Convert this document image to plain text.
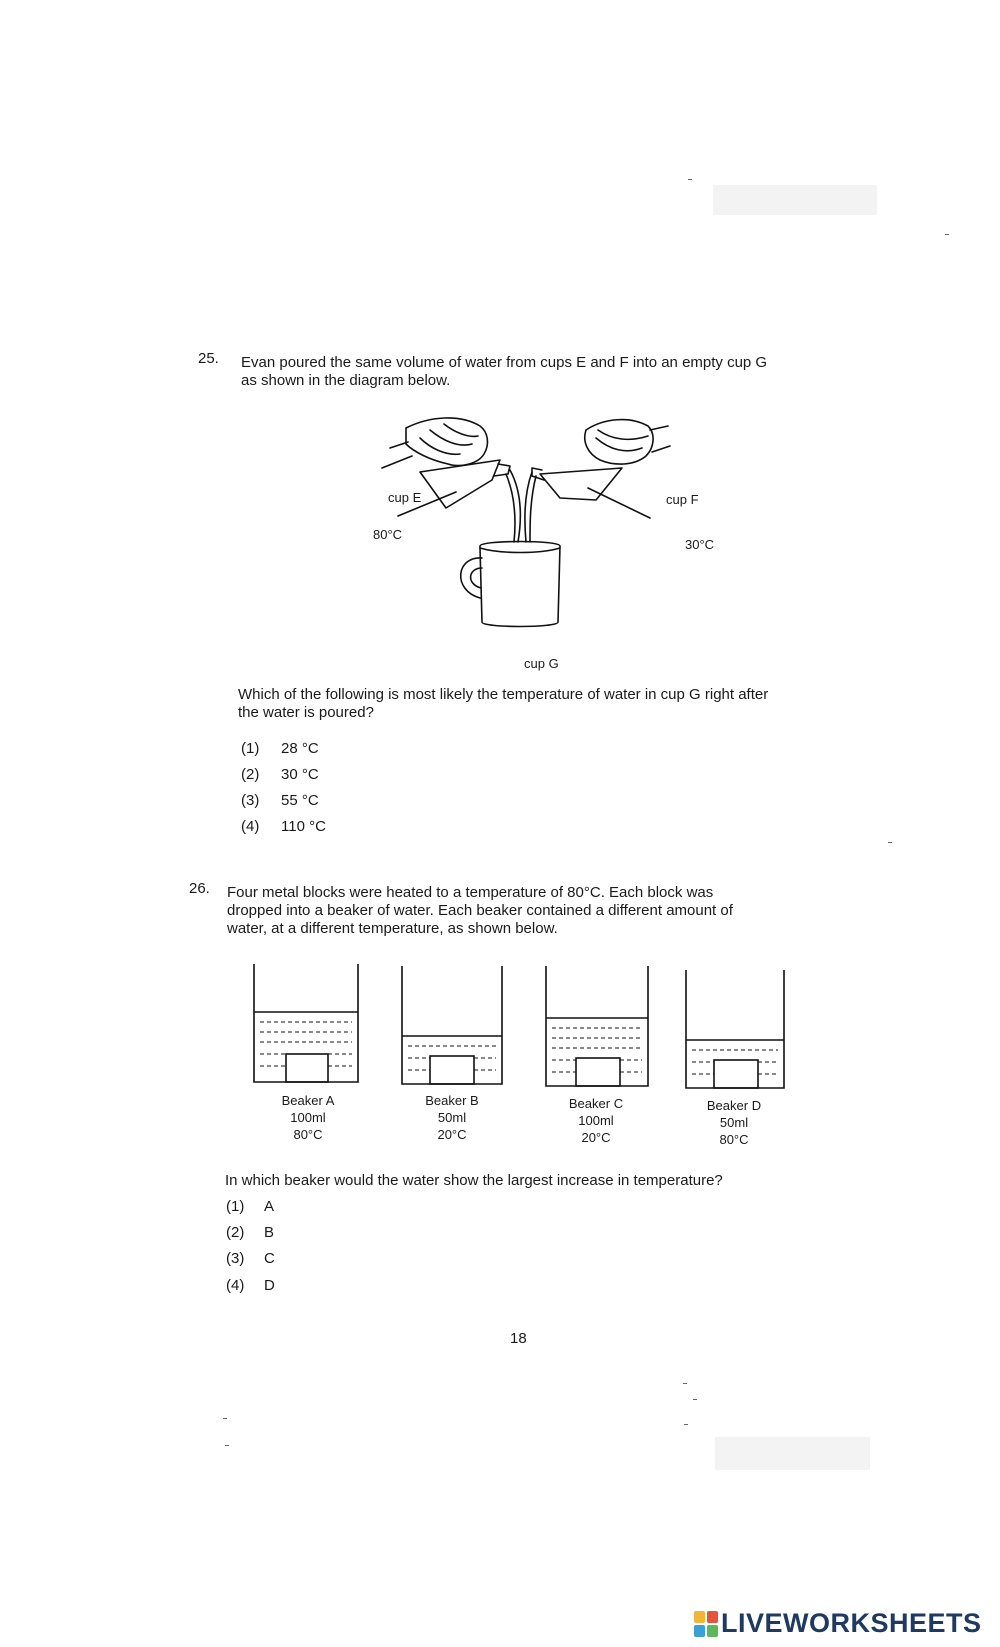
25. Evan poured the same volume of water from cups E and F into an empty cup G
as shown in the diagram below.
cup E	cup F
80°C
30°C
cup G
Which of the following is most likely the temperature of water in cup G right after
the water is poured?
(1) 28 °C
(2) 30 °C
(3) 55 °C
(4) 110 °C
26. Four metal blocks were heated to a temperature of 80°C. Each block was
dropped into a beaker of water. Each beaker contained a different amount of
water, at a different temperature, as shown below.
Beaker A
100ml
80°C
Beaker B
50ml
20°C
Beaker C
100ml
20°C
Beaker D
50ml
80°C
In which beaker would the water show the largest increase in temperature?
(1) A
(2) B
(3) C
(4) D
18
LIVEWORKSHEETS
